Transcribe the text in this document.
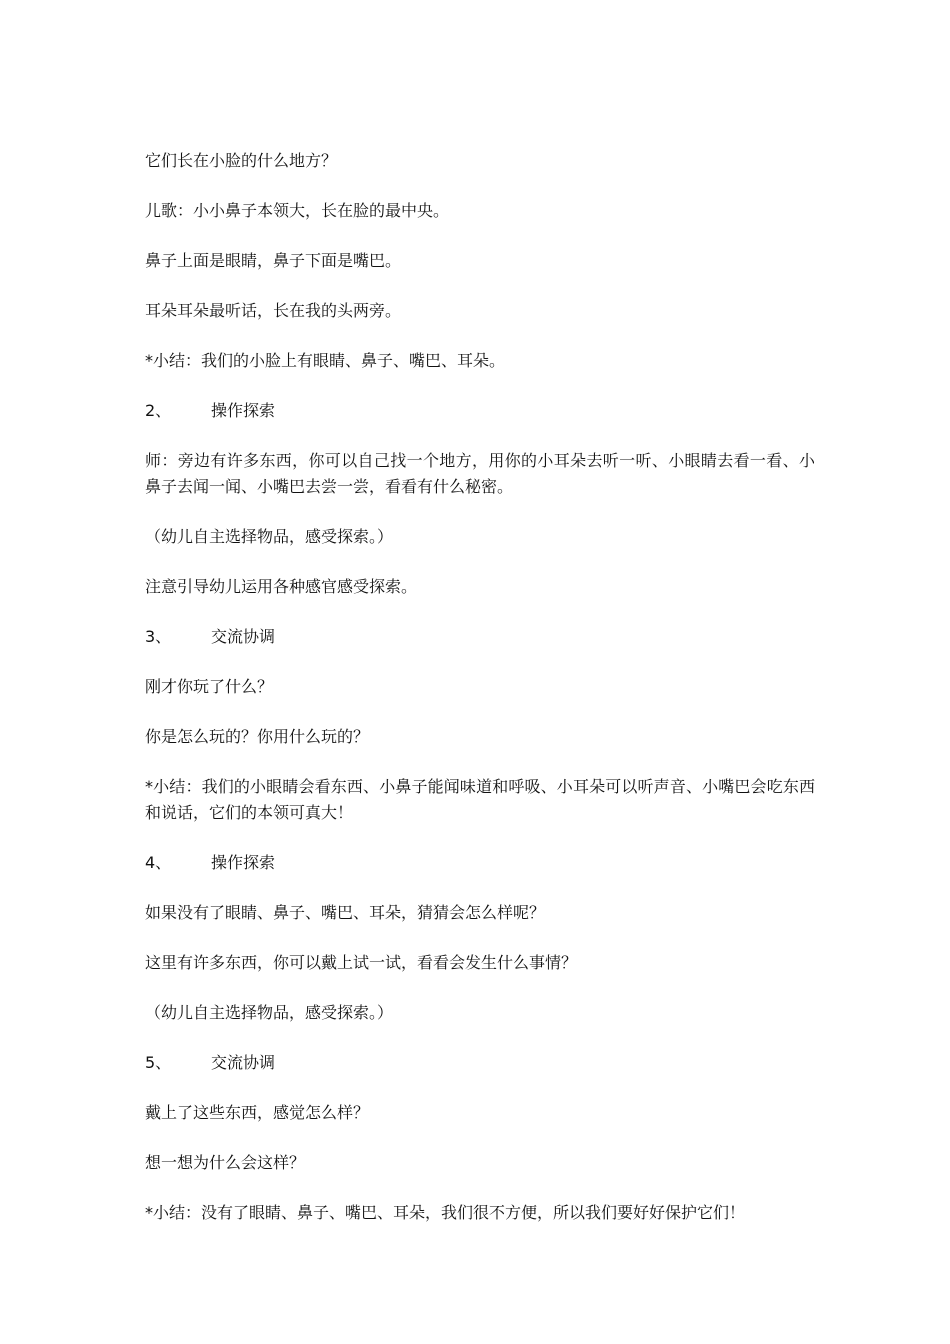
它们长在小脸的什么地方？

儿歌：小小鼻子本领大，长在脸的最中央。

鼻子上面是眼睛，鼻子下面是嘴巴。

耳朵耳朵最听话，长在我的头两旁。

*小结：我们的小脸上有眼睛、鼻子、嘴巴、耳朵。

2、	操作探索

师：旁边有许多东西，你可以自己找一个地方，用你的小耳朵去听一听、小眼睛去看一看、小鼻子去闻一闻、小嘴巴去尝一尝，看看有什么秘密。

（幼儿自主选择物品，感受探索。）

注意引导幼儿运用各种感官感受探索。

3、	交流协调

刚才你玩了什么？

你是怎么玩的？你用什么玩的？

*小结：我们的小眼睛会看东西、小鼻子能闻味道和呼吸、小耳朵可以听声音、小嘴巴会吃东西和说话，它们的本领可真大！

4、	操作探索

如果没有了眼睛、鼻子、嘴巴、耳朵，猜猜会怎么样呢？

这里有许多东西，你可以戴上试一试，看看会发生什么事情？

（幼儿自主选择物品，感受探索。）

5、	交流协调

戴上了这些东西，感觉怎么样？

想一想为什么会这样？

*小结：没有了眼睛、鼻子、嘴巴、耳朵，我们很不方便，所以我们要好好保护它们！
